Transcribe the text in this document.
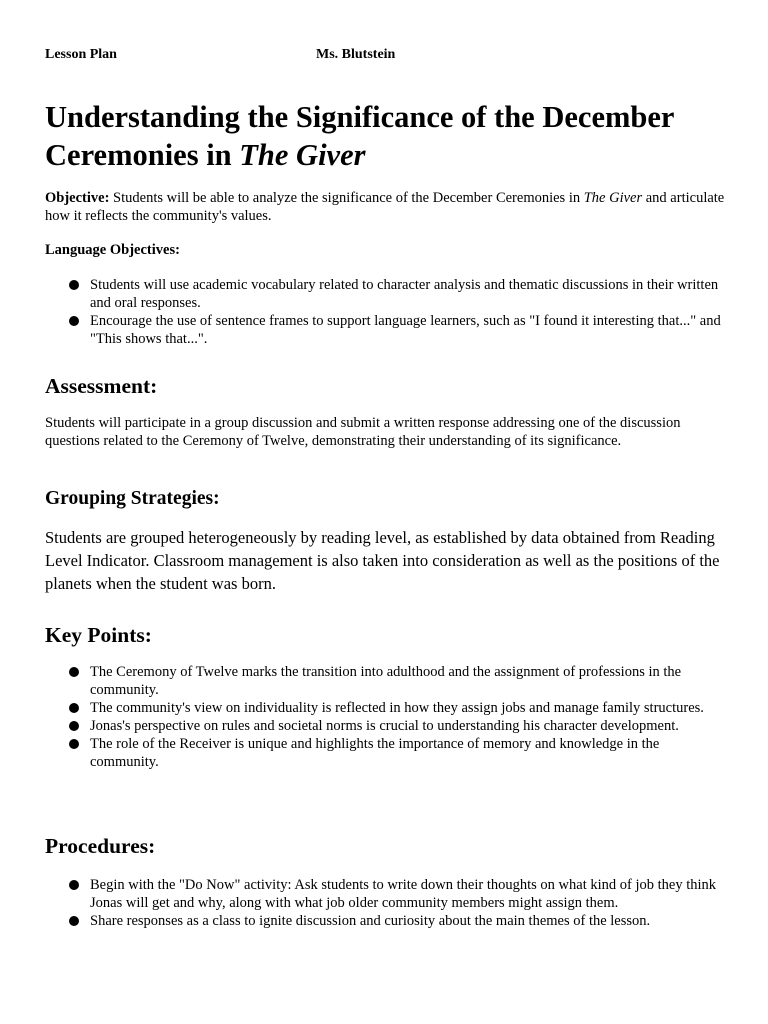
Lesson Plan	Ms. Blutstein
Understanding the Significance of the December Ceremonies in The Giver

Objective: Students will be able to analyze the significance of the December Ceremonies in The Giver and articulate how it reflects the community's values.

Language Objectives:
Students will use academic vocabulary related to character analysis and thematic discussions in their written and oral responses.
Encourage the use of sentence frames to support language learners, such as "I found it interesting that..." and "This shows that...".
Assessment:

Students will participate in a group discussion and submit a written response addressing one of the discussion questions related to the Ceremony of Twelve, demonstrating their understanding of its significance.

Grouping Strategies:

Students are grouped heterogeneously by reading level, as established by data obtained from Reading Level Indicator. Classroom management is also taken into consideration as well as the positions of the planets when the student was born.

Key Points:
The Ceremony of Twelve marks the transition into adulthood and the assignment of professions in the community.
The community's view on individuality is reflected in how they assign jobs and manage family structures.
Jonas's perspective on rules and societal norms is crucial to understanding his character development.
The role of the Receiver is unique and highlights the importance of memory and knowledge in the community.
Procedures:
Begin with the "Do Now" activity: Ask students to write down their thoughts on what kind of job they think Jonas will get and why, along with what job older community members might assign them.
Share responses as a class to ignite discussion and curiosity about the main themes of the lesson.
